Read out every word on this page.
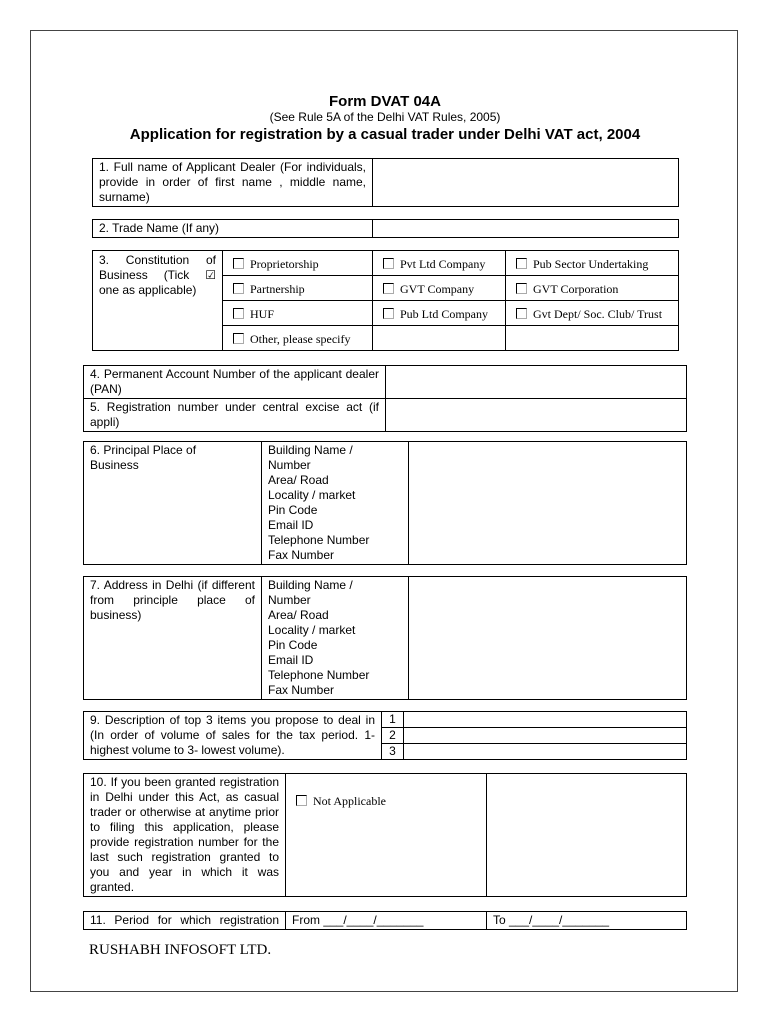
Form DVAT 04A
(See Rule 5A of the Delhi VAT Rules, 2005)
Application for registration by a casual trader under Delhi VAT act, 2004
1. Full name of Applicant Dealer (For individuals, provide in order of first name , middle name, surname)	
2. Trade Name (If any)	
3. Constitution of
Business (Tick ☑
one as applicable)	Proprietorship	Pvt Ltd Company	Pub Sector Undertaking
	Partnership	GVT Company	GVT Corporation
	HUF	Pub Ltd Company	Gvt Dept/ Soc. Club/ Trust
	Other, please specify		
4. Permanent Account Number of the applicant dealer (PAN)	
5. Registration number under central excise act (if appli)	
6. Principal Place of Business	
Building Name /
Number
Area/ Road
Locality / market
Pin Code
Email ID
Telephone Number
Fax Number

7. Address in Delhi (if different from principle place of business)	
Building Name /
Number
Area/ Road
Locality / market
Pin Code
Email ID
Telephone Number
Fax Number

9. Description of top 3 items you propose to deal in (In order of volume of sales for the tax period. 1- highest volume to 3- lowest volume).	1	
	2	
	3	
10. If you been granted registration in Delhi under this Act, as casual trader or otherwise at anytime prior to filing this application, please provide registration number for the last such registration granted to you and year in which it was granted.	Not Applicable	
11. Period for which registration	From ___/____/_______	To ___/____/_______
RUSHABH INFOSOFT LTD.
